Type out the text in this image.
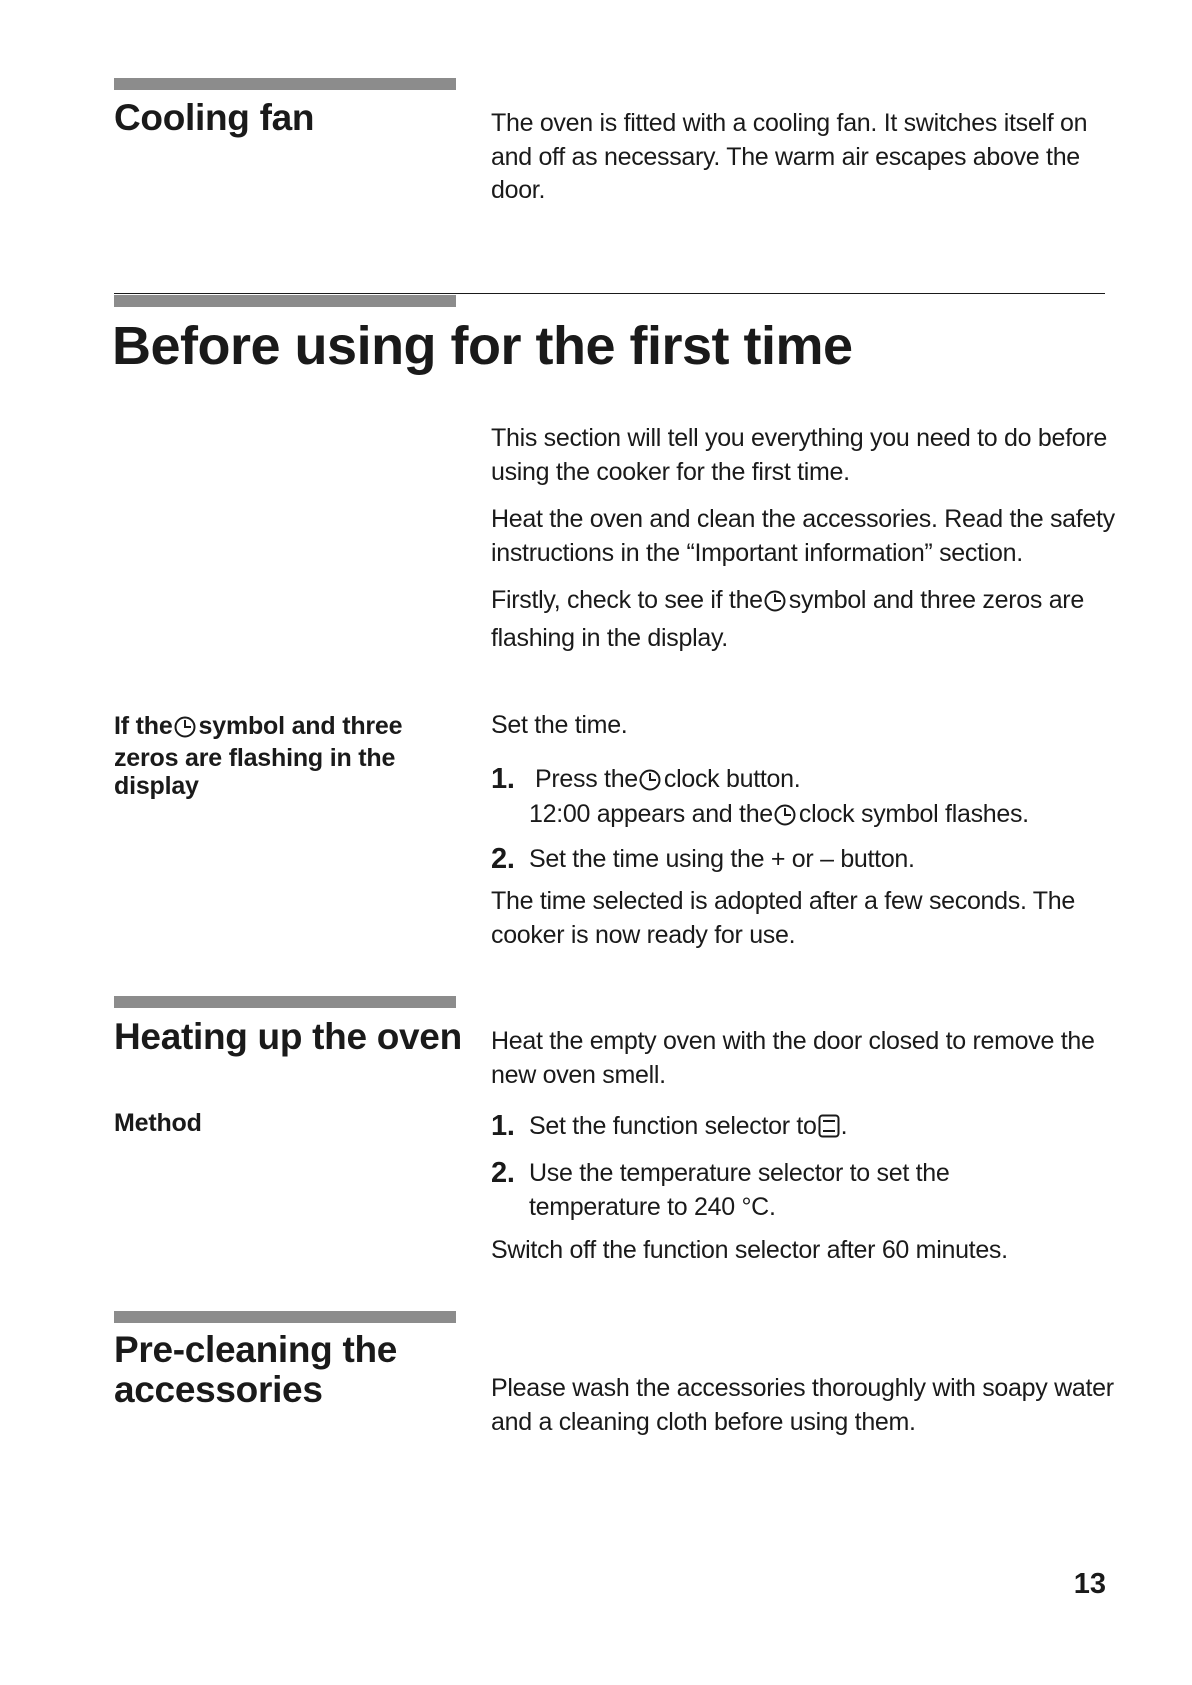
Cooling fan	The oven is fitted with a cooling fan. It switches itself on and off as necessary. The warm air escapes above the door.
Before using for the first time

This section will tell you everything you need to do before using the cooker for the first time.

Heat the oven and clean the accessories. Read the safety instructions in the “Important information” section.

Firstly, check to see if the symbol and three zeros are flashing in the display.

If the symbol and three zeros are flashing in the display
Set the time.
1. Press the clock button.
12:00 appears and the clock symbol flashes.
2. Set the time using the + or – button.
The time selected is adopted after a few seconds. The cooker is now ready for use.
Heating up the oven Heat the empty oven with the door closed to remove the new oven smell.
Method	1. Set the function selector to .
2. Use the temperature selector to set the temperature to 240 °C.
Switch off the function selector after 60 minutes.
Pre-cleaning the
accessories	Please wash the accessories thoroughly with soapy water and a cleaning cloth before using them.
13
